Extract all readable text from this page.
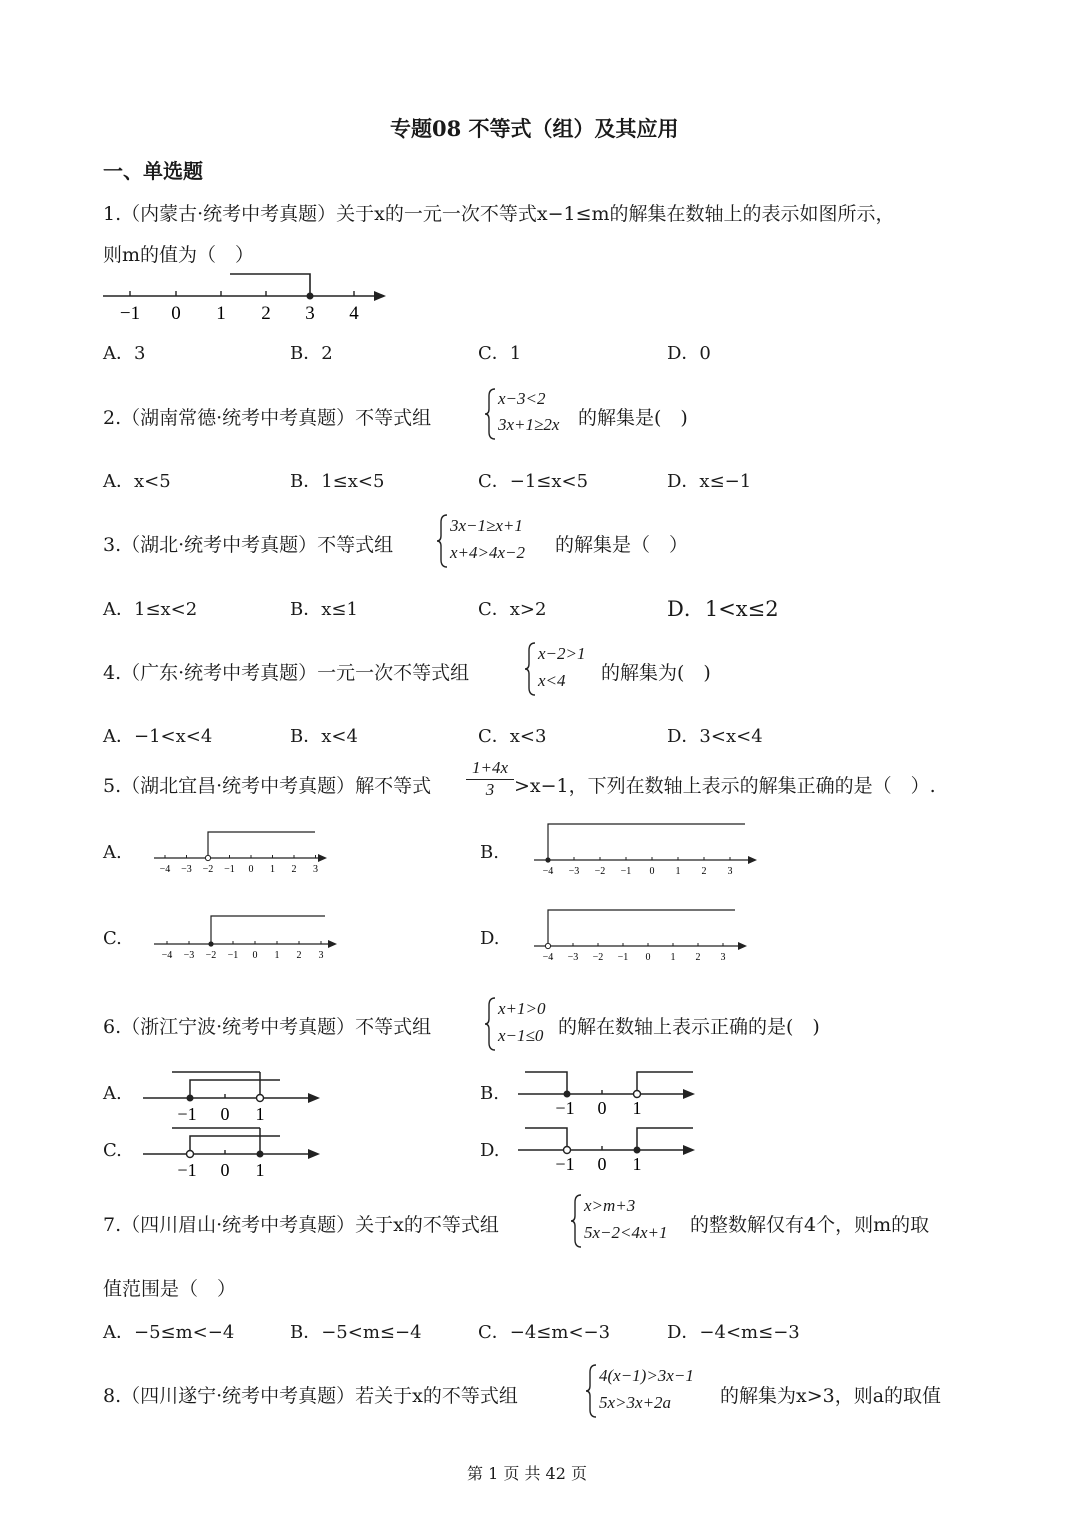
专题08 不等式（组）及其应用
一、单选题
1.（内蒙古·统考中考真题）关于x的一元一次不等式x−1≤m的解集在数轴上的表示如图所示，
则m的值为（　）
−1 0 1 2 3 4
A．3	B．2	C．1	D．0
2.（湖南常德·统考中考真题）不等式组
x−3<2
3x+1≥2x 的解集是(　)
A．x<5	B．1≤x<5	C．−1≤x<5	D．x≤−1
3.（湖北·统考中考真题）不等式组
3x−1≥x+1
x+4>4x−2 的解集是（　）
A．1≤x<2	B．x≤1	C．x>2	D．1<x≤2
4.（广东·统考中考真题）一元一次不等式组
x−2>1
x<4 的解集为(　)
A．−1<x<4	B．x<4	C．x<3	D．3<x<4
5.（湖北宜昌·统考中考真题）解不等式 $\frac{1+4x}{3} >x-1$，下列在数轴上表示的解集正确的是（　）.
A.	B.
C.	D.
−4 −3 −2 −1 0 1 2 3	−4 −3 −2 −1 0 1 2 3
−4 −3 −2 −1 0 1 2 3	−4 −3 −2 −1 0 1 2 3
6.（浙江宁波·统考中考真题）不等式组
x+1>0
x−1≤0 的解在数轴上表示正确的是(　)
A.	B.
C.	D.
−1 0 1	−1 0 1
−1 0 1	−1 0 1
7.（四川眉山·统考中考真题）关于x的不等式组
x>m+3
5x−2<4x+1 的整数解仅有4个，则m的取
值范围是（　）
A．−5≤m<−4	B．−5<m≤−4	C．−4≤m<−3	D．−4<m≤−3
8.（四川遂宁·统考中考真题）若关于x的不等式组
4(x−1)>3x−1
5x>3x+2a	的解集为x>3，则a的取值
第 1 页 共 42 页
